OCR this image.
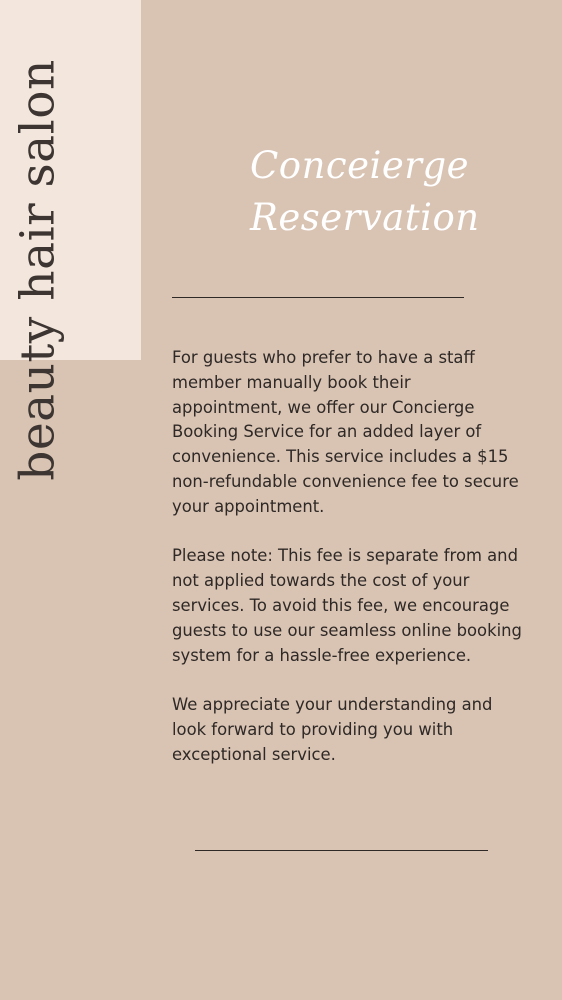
beauty hair salon	Conceierge
Reservation

For guests who prefer to have a staff member manually book their appointment, we offer our Concierge Booking Service for an added layer of convenience. This service includes a $15 non-refundable convenience fee to secure your appointment.

Please note: This fee is separate from and not applied towards the cost of your services. To avoid this fee, we encourage guests to use our seamless online booking system for a hassle-free experience.

We appreciate your understanding and look forward to providing you with exceptional service.
